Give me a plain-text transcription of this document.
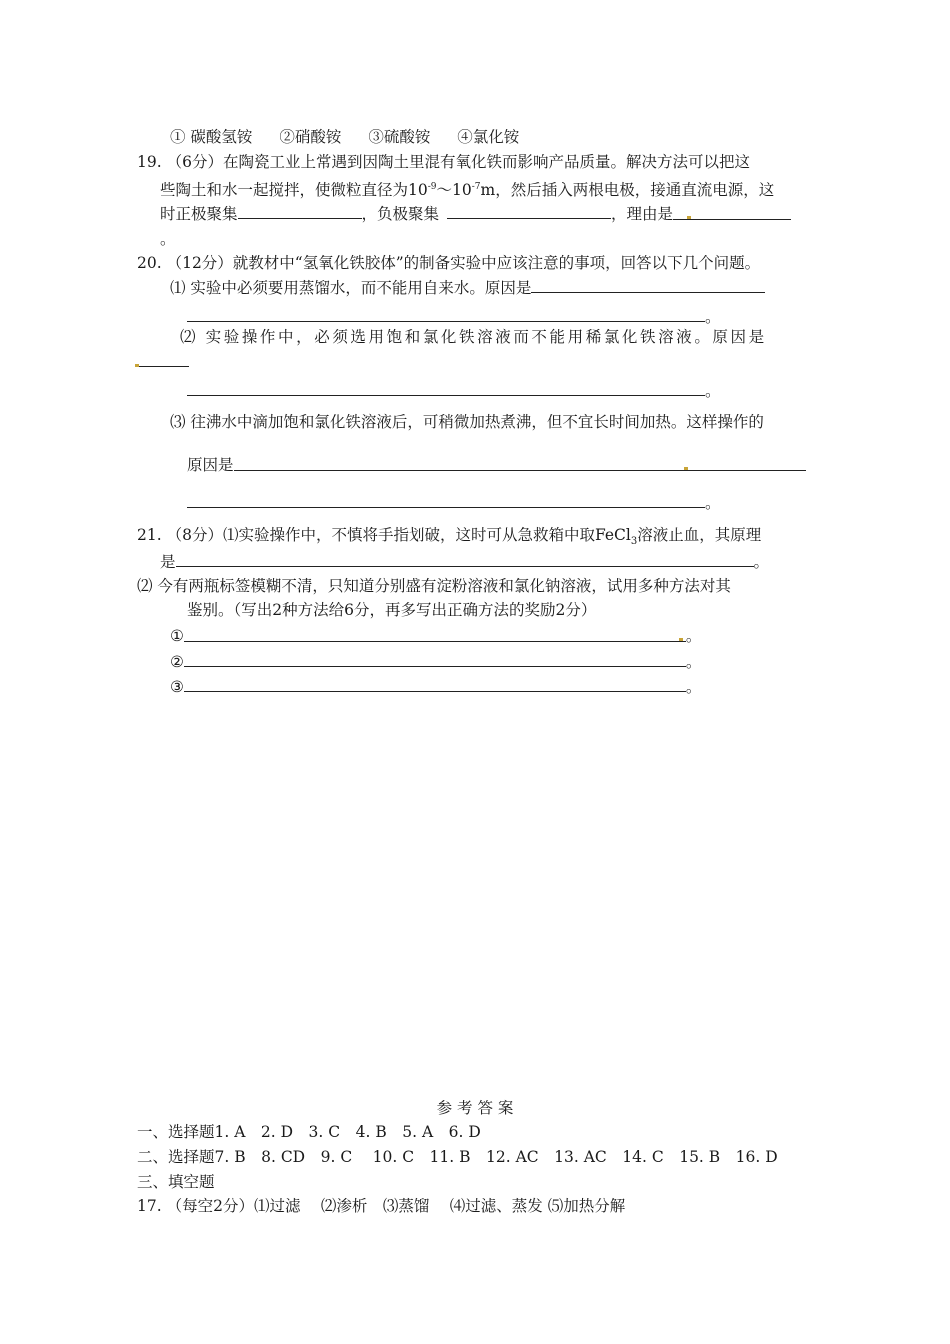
① 碳酸氢铵 ②硝酸铵 ③硫酸铵 ④氯化铵
19. （6分）在陶瓷工业上常遇到因陶土里混有氧化铁而影响产品质量。解决方法可以把这
些陶土和水一起搅拌，使微粒直径为$10^{-9}\sim 10^{-7}m$，然后插入两根电极，接通直流电源，这
时正极聚集	，负极聚集	，理由是
。
20. （12分）就教材中“氢氧化铁胶体”的制备实验中应该注意的事项，回答以下几个问题。
⑴ 实验中必须要用蒸馏水，而不能用自来水。原因是
。
⑵ 实验操作中，必须选用饱和氯化铁溶液而不能用稀氯化铁溶液。原因是
。
⑶ 往沸水中滴加饱和氯化铁溶液后，可稍微加热煮沸，但不宜长时间加热。这样操作的
原因是
。
21. （8分）⑴实验操作中，不慎将手指划破，这时可从急救箱中取FeCl$_3$溶液止血，其原理
是	。
⑵ 今有两瓶标签模糊不清，只知道分别盛有淀粉溶液和氯化钠溶液，试用多种方法对其
鉴别。（写出2种方法给6分，再多写出正确方法的奖励2分）
①	。
②	。
③	。
参 考 答 案
一、选择题1. A　2. D　3. C　4. B　5. A　6. D
二、选择题7. B　8. CD　9. C　 10. C　11. B　12. AC　13. AC　14. C　15. B　16. D
三、填空题
17. （每空2分）⑴过滤　 ⑵渗析　⑶蒸馏　 ⑷过滤、蒸发 ⑸加热分解
